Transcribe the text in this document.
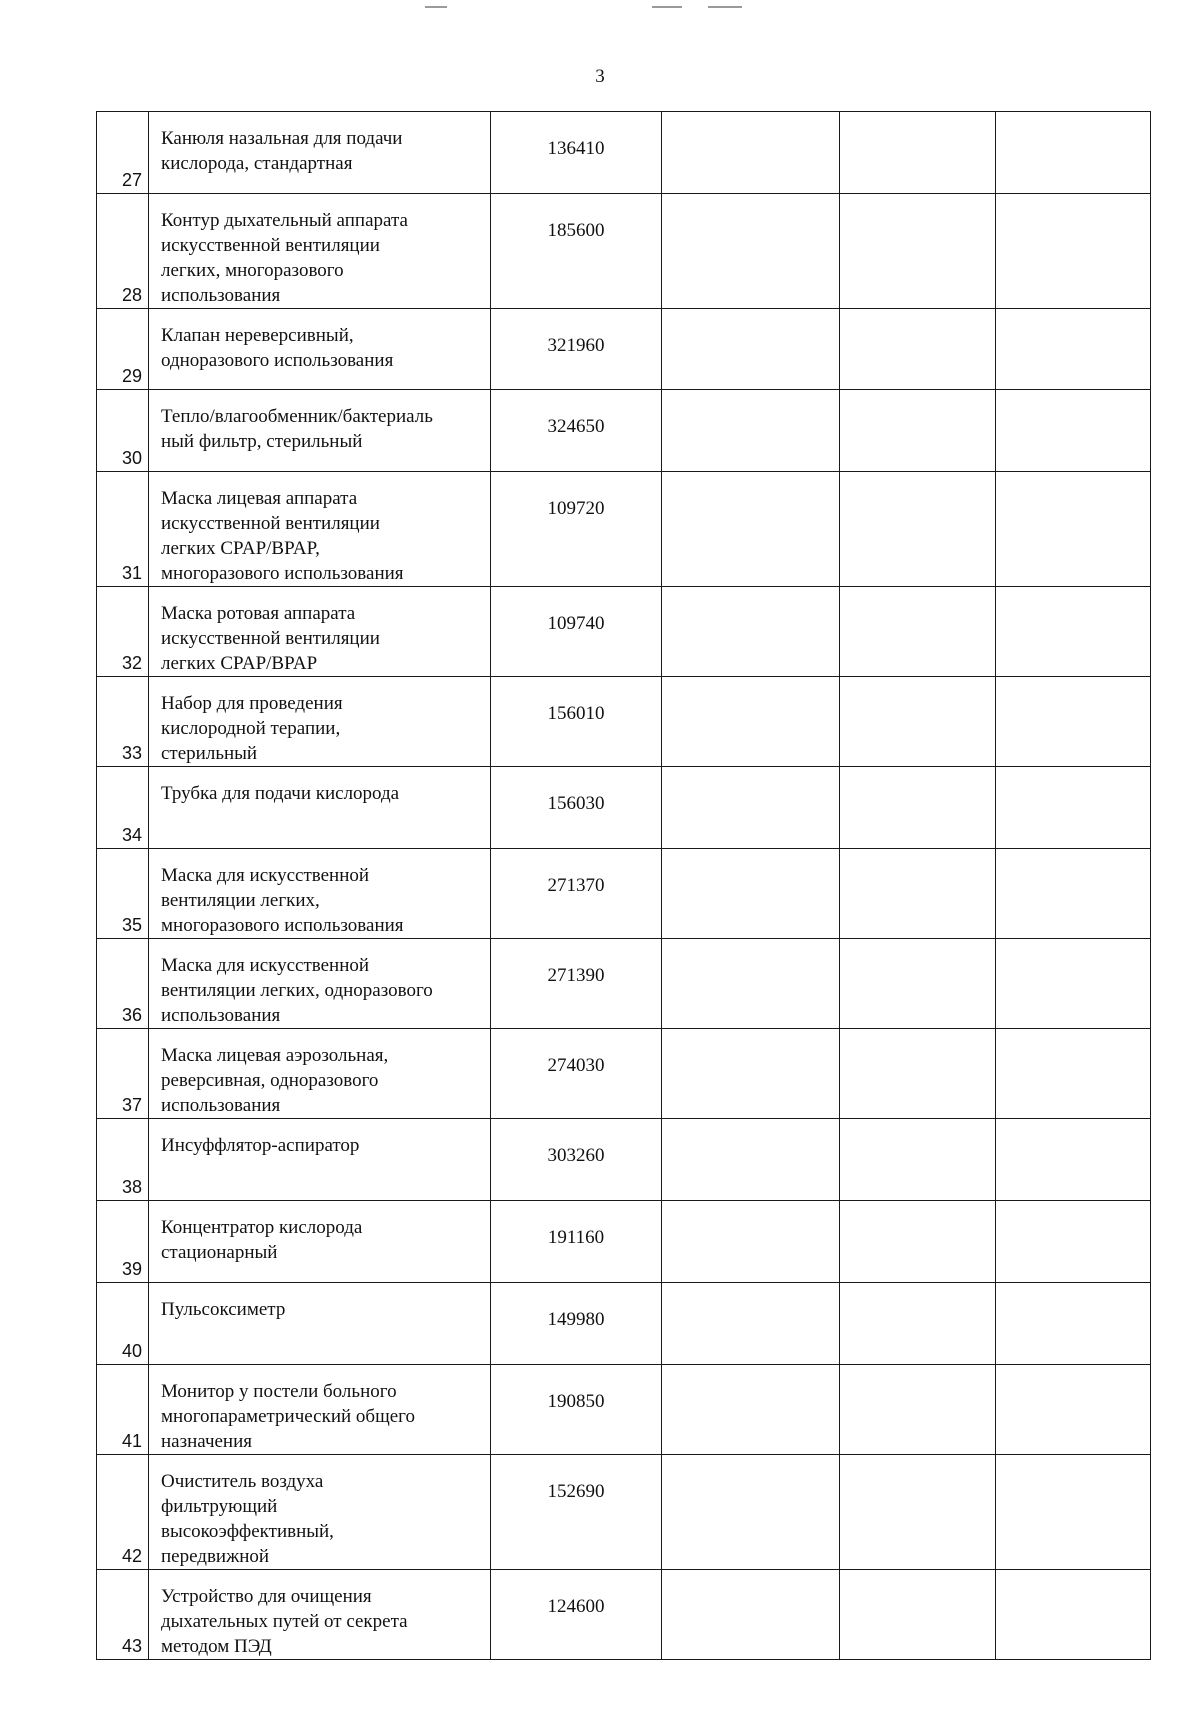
3
27	Канюля назальная для подачи
кислорода, стандартная	136410			
28	Контур дыхательный аппарата
искусственной вентиляции
легких, многоразового
использования	185600			
29	Клапан нереверсивный,
одноразового использования	321960			
30	Тепло/влагообменник/бактериаль
ный фильтр, стерильный	324650			
31	Маска лицевая аппарата
искусственной вентиляции
легких CPAP/BPAP,
многоразового использования	109720			
32	Маска ротовая аппарата
искусственной вентиляции
легких CPAP/BPAP	109740			
33	Набор для проведения
кислородной терапии,
стерильный	156010			
34	Трубка для подачи кислорода	156030			
35	Маска для искусственной
вентиляции легких,
многоразового использования	271370			
36	Маска для искусственной
вентиляции легких, одноразового
использования	271390			
37	Маска лицевая аэрозольная,
реверсивная, одноразового
использования	274030			
38	Инсуффлятор-аспиратор	303260			
39	Концентратор кислорода
стационарный	191160			
40	Пульсоксиметр	149980			
41	Монитор у постели больного
многопараметрический общего
назначения	190850			
42	Очиститель воздуха
фильтрующий
высокоэффективный,
передвижной	152690			
43	Устройство для очищения
дыхательных путей от секрета
методом ПЭД	124600			
